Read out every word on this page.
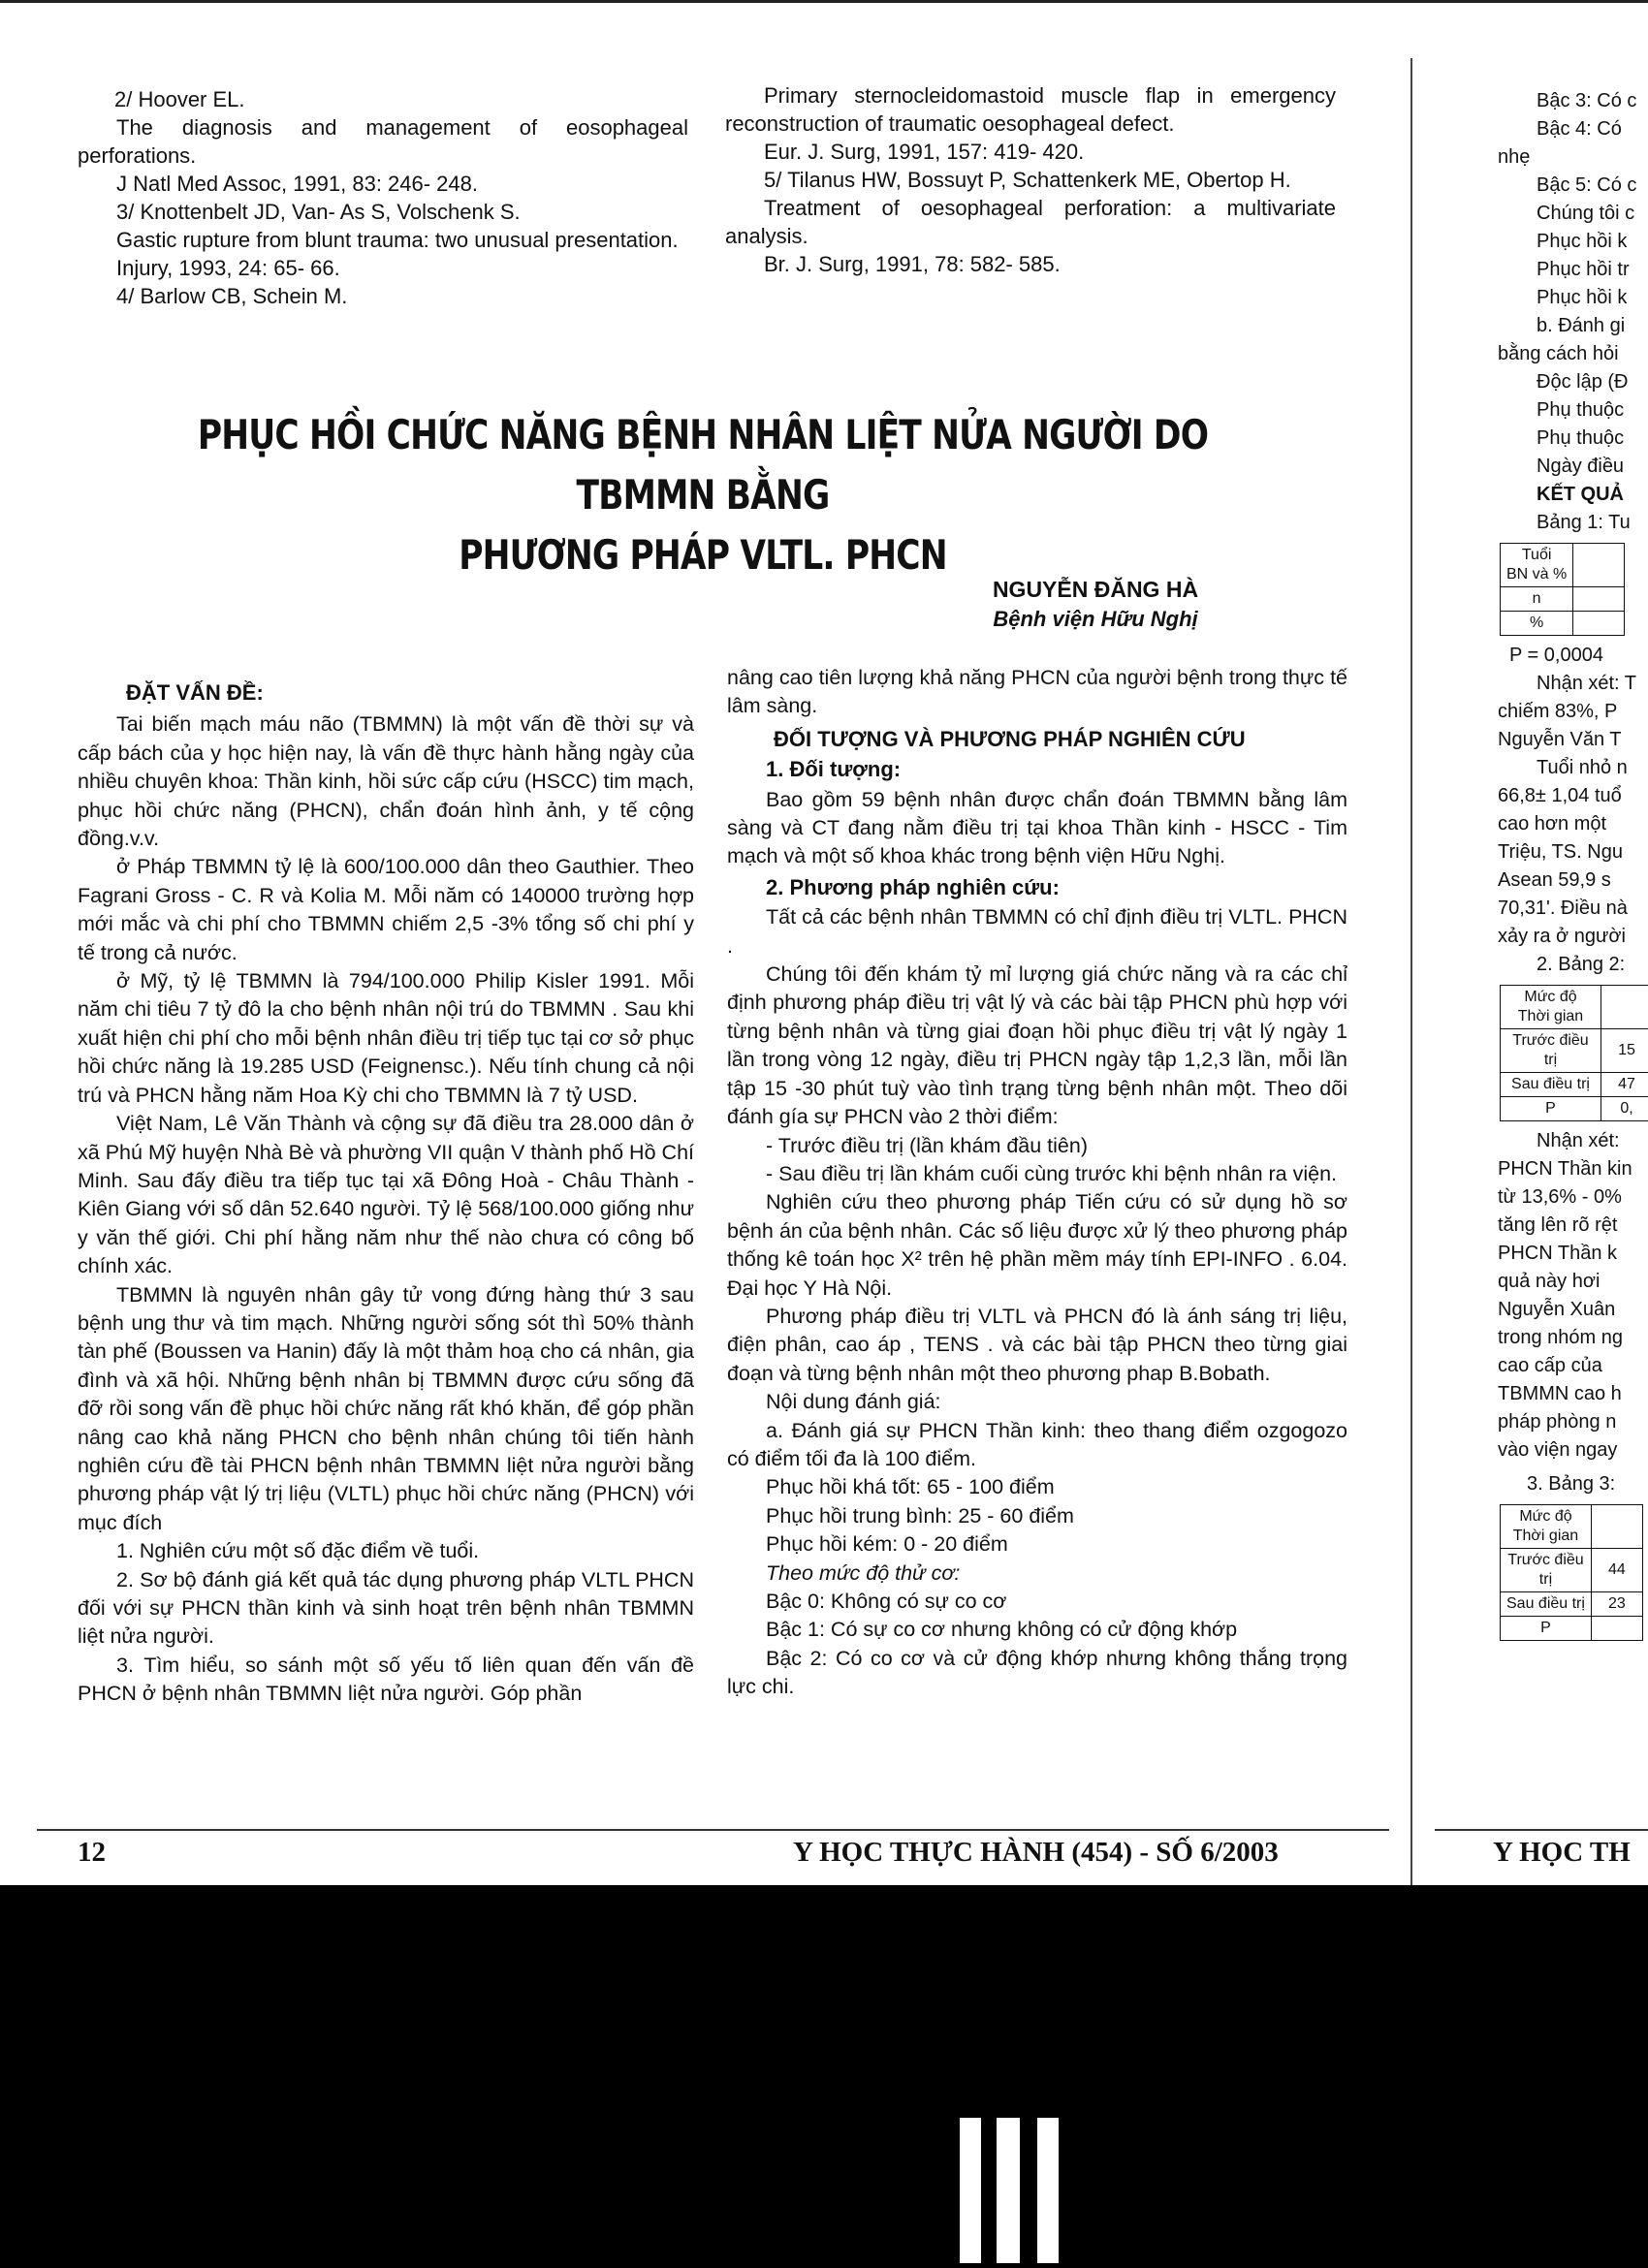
2/ Hoover EL.

The diagnosis and management of eosophageal perforations.

J Natl Med Assoc, 1991, 83: 246- 248.

3/ Knottenbelt JD, Van- As S, Volschenk S.

Gastic rupture from blunt trauma: two unusual presentation.

Injury, 1993, 24: 65- 66.

4/ Barlow CB, Schein M.

Primary sternocleidomastoid muscle flap in emergency reconstruction of traumatic oesophageal defect.

Eur. J. Surg, 1991, 157: 419- 420.

5/ Tilanus HW, Bossuyt P, Schattenkerk ME, Obertop H.

Treatment of oesophageal perforation: a multivariate analysis.

Br. J. Surg, 1991, 78: 582- 585.

PHỤC HỒI CHỨC NĂNG BỆNH NHÂN LIỆT NỬA NGƯỜI DO TBMMN BẰNG
PHƯƠNG PHÁP VLTL. PHCN
NGUYỄN ĐĂNG HÀ
Bệnh viện Hữu Nghị
ĐẶT VẤN ĐỀ:

Tai biến mạch máu não (TBMMN) là một vấn đề thời sự và cấp bách của y học hiện nay, là vấn đề thực hành hằng ngày của nhiều chuyên khoa: Thần kinh, hồi sức cấp cứu (HSCC) tim mạch, phục hồi chức năng (PHCN), chẩn đoán hình ảnh, y tế cộng đồng.v.v.

ở Pháp TBMMN tỷ lệ là 600/100.000 dân theo Gauthier. Theo Fagrani Gross - C. R và Kolia M. Mỗi năm có 140000 trường hợp mới mắc và chi phí cho TBMMN chiếm 2,5 -3% tổng số chi phí y tế trong cả nước.

ở Mỹ, tỷ lệ TBMMN là 794/100.000 Philip Kisler 1991. Mỗi năm chi tiêu 7 tỷ đô la cho bệnh nhân nội trú do TBMMN . Sau khi xuất hiện chi phí cho mỗi bệnh nhân điều trị tiếp tục tại cơ sở phục hồi chức năng là 19.285 USD (Feignensc.). Nếu tính chung cả nội trú và PHCN hằng năm Hoa Kỳ chi cho TBMMN là 7 tỷ USD.

Việt Nam, Lê Văn Thành và cộng sự đã điều tra 28.000 dân ở xã Phú Mỹ huyện Nhà Bè và phường VII quận V thành phố Hồ Chí Minh. Sau đấy điều tra tiếp tục tại xã Đông Hoà - Châu Thành - Kiên Giang với số dân 52.640 người. Tỷ lệ 568/100.000 giống như y văn thế giới. Chi phí hằng năm như thế nào chưa có công bố chính xác.

TBMMN là nguyên nhân gây tử vong đứng hàng thứ 3 sau bệnh ung thư và tim mạch. Những người sống sót thì 50% thành tàn phế (Boussen va Hanin) đấy là một thảm hoạ cho cá nhân, gia đình và xã hội. Những bệnh nhân bị TBMMN được cứu sống đã đỡ rồi song vấn đề phục hồi chức năng rất khó khăn, để góp phần nâng cao khả năng PHCN cho bệnh nhân chúng tôi tiến hành nghiên cứu đề tài PHCN bệnh nhân TBMMN liệt nửa người bằng phương pháp vật lý trị liệu (VLTL) phục hồi chức năng (PHCN) với mục đích

1. Nghiên cứu một số đặc điểm về tuổi.

2. Sơ bộ đánh giá kết quả tác dụng phương pháp VLTL PHCN đối với sự PHCN thần kinh và sinh hoạt trên bệnh nhân TBMMN liệt nửa người.

3. Tìm hiểu, so sánh một số yếu tố liên quan đến vấn đề PHCN ở bệnh nhân TBMMN liệt nửa người. Góp phần

nâng cao tiên lượng khả năng PHCN của người bệnh trong thực tế lâm sàng.

ĐỐI TƯỢNG VÀ PHƯƠNG PHÁP NGHIÊN CỨU
1. Đối tượng:

Bao gồm 59 bệnh nhân được chẩn đoán TBMMN bằng lâm sàng và CT đang nằm điều trị tại khoa Thần kinh - HSCC - Tim mạch và một số khoa khác trong bệnh viện Hữu Nghị.

2. Phương pháp nghiên cứu:

Tất cả các bệnh nhân TBMMN có chỉ định điều trị VLTL. PHCN .

Chúng tôi đến khám tỷ mỉ lượng giá chức năng và ra các chỉ định phương pháp điều trị vật lý và các bài tập PHCN phù hợp với từng bệnh nhân và từng giai đoạn hồi phục điều trị vật lý ngày 1 lần trong vòng 12 ngày, điều trị PHCN ngày tập 1,2,3 lần, mỗi lần tập 15 -30 phút tuỳ vào tình trạng từng bệnh nhân một. Theo dõi đánh gía sự PHCN vào 2 thời điểm:

- Trước điều trị (lần khám đầu tiên)

- Sau điều trị lần khám cuối cùng trước khi bệnh nhân ra viện.

Nghiên cứu theo phương pháp Tiến cứu có sử dụng hồ sơ bệnh án của bệnh nhân. Các số liệu được xử lý theo phương pháp thống kê toán học X² trên hệ phần mềm máy tính EPI-INFO . 6.04. Đại học Y Hà Nội.

Phương pháp điều trị VLTL và PHCN đó là ánh sáng trị liệu, điện phân, cao áp , TENS . và các bài tập PHCN theo từng giai đoạn và từng bệnh nhân một theo phương phap B.Bobath.

Nội dung đánh giá:

a. Đánh giá sự PHCN Thần kinh: theo thang điểm ozgogozo có điểm tối đa là 100 điểm.

Phục hồi khá tốt: 65 - 100 điểm

Phục hồi trung bình: 25 - 60 điểm

Phục hồi kém: 0 - 20 điểm

Theo mức độ thử cơ:

Bậc 0: Không có sự co cơ

Bậc 1: Có sự co cơ nhưng không có cử động khớp

Bậc 2: Có co cơ và cử động khớp nhưng không thắng trọng lực chi.

Bậc 3: Có c

Bậc 4: Có

nhẹ

Bậc 5: Có c

Chúng tôi c

Phục hồi k

Phục hồi tr

Phục hồi k

b. Đánh gi

bằng cách hỏi

Độc lập (Đ

Phụ thuộc

Phụ thuộc

Ngày điều

KẾT QUẢ

Bảng 1: Tu

Tuổi
BN và %	
n	
%	

P = 0,0004

Nhận xét: T

chiếm 83%, P

Nguyễn Văn T

Tuổi nhỏ n

66,8± 1,04 tuổ

cao hơn một

Triệu, TS. Ngu

Asean 59,9 s

70,31'. Điều nà

xảy ra ở người

2. Bảng 2:

Mức độ
Thời gian	
Trước điều trị	15
Sau điều trị	47
P	0,

Nhận xét:

PHCN Thần kin

từ 13,6% - 0%

tăng lên rõ rệt

PHCN Thần k

quả này hơi

Nguyễn Xuân

trong nhóm ng

cao cấp của

TBMMN cao h

pháp phòng n

vào viện ngay

3. Bảng 3:

Mức độ
Thời gian	
Trước điều
trị	44
Sau điều trị	23
P	
12	Y HỌC THỰC HÀNH (454) - SỐ 6/2003	Y HỌC TH
